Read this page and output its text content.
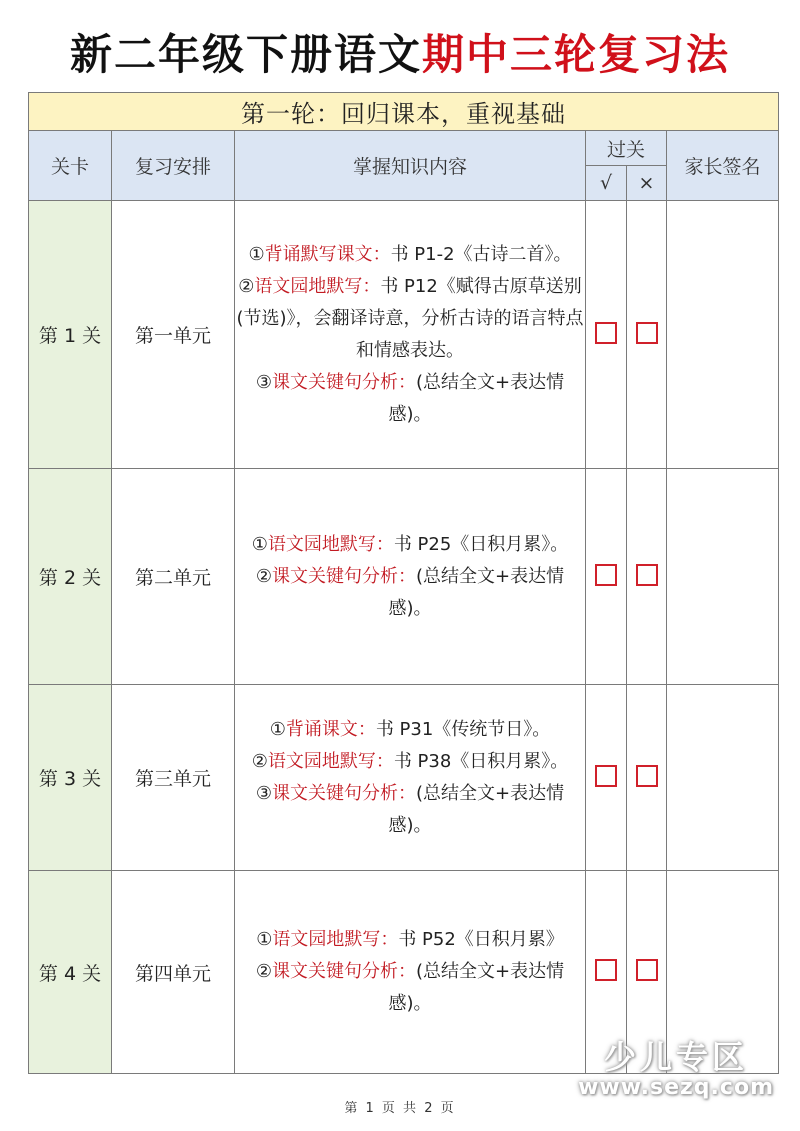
新二年级下册语文期中三轮复习法
第一轮：回归课本，重视基础					
关卡	复习安排	掌握知识内容	过关		家长签名
			√	×	
第 1 关	第一单元	①背诵默写课文：书 P1-2《古诗二首》。
②语文园地默写：书 P12《赋得古原草送别(节选)》，会翻译诗意，分析古诗的语言特点和情感表达。
③课文关键句分析：(总结全文+表达情感)。			

第 2 关	第二单元	①语文园地默写：书 P25《日积月累》。
②课文关键句分析：(总结全文+表达情感)。			

第 3 关	第三单元	①背诵课文：书 P31《传统节日》。
②语文园地默写：书 P38《日积月累》。
③课文关键句分析：(总结全文+表达情感)。			

第 4 关	第四单元	①语文园地默写：书 P52《日积月累》
②课文关键句分析：(总结全文+表达情感)。			

少儿专区
www.sezq.com
第 1 页 共 2 页
